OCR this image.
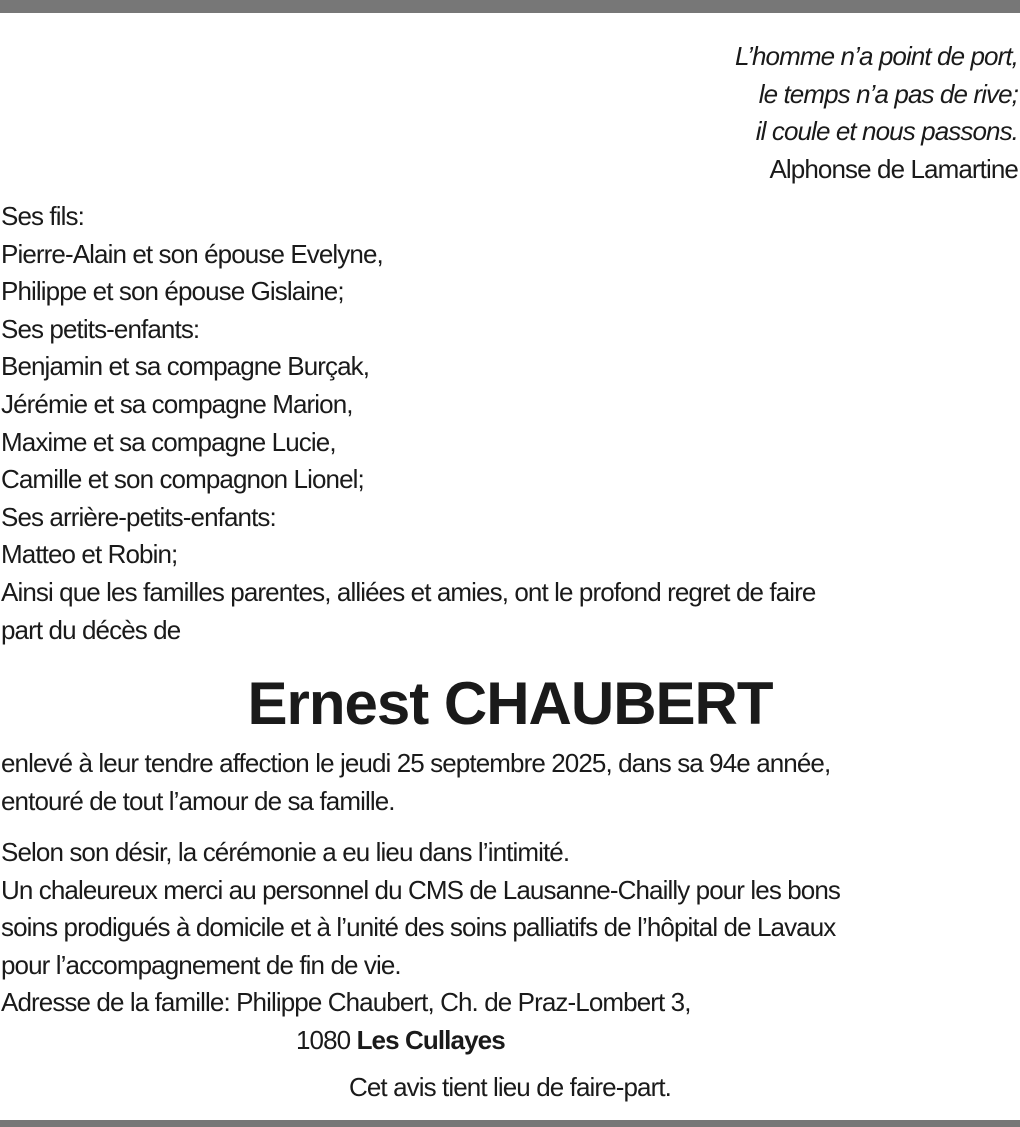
L’homme n’a point de port,
le temps n’a pas de rive;
il coule et nous passons.
Alphonse de Lamartine
Ses fils:
Pierre-Alain et son épouse Evelyne,
Philippe et son épouse Gislaine;
Ses petits-enfants:
Benjamin et sa compagne Burçak,
Jérémie et sa compagne Marion,
Maxime et sa compagne Lucie,
Camille et son compagnon Lionel;
Ses arrière-petits-enfants:
Matteo et Robin;
Ainsi que les familles parentes, alliées et amies, ont le profond regret de faire
part du décès de
Ernest CHAUBERT
enlevé à leur tendre affection le jeudi 25 septembre 2025, dans sa 94e année,
entouré de tout l’amour de sa famille.
Selon son désir, la cérémonie a eu lieu dans l’intimité.
Un chaleureux merci au personnel du CMS de Lausanne-Chailly pour les bons
soins prodigués à domicile et à l’unité des soins palliatifs de l’hôpital de Lavaux
pour l’accompagnement de fin de vie.
Adresse de la famille: Philippe Chaubert, Ch. de Praz-Lombert 3,
1080 Les Cullayes
Cet avis tient lieu de faire-part.
